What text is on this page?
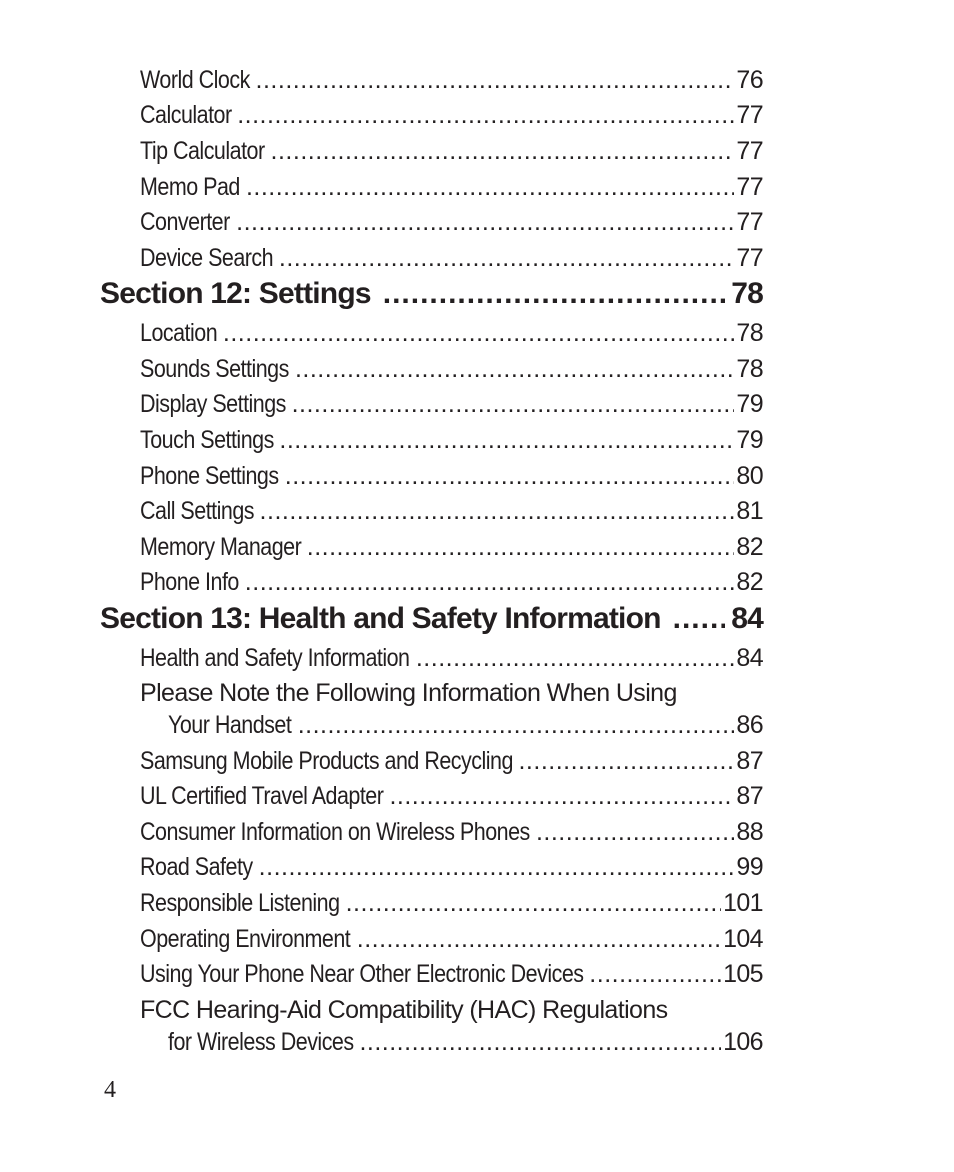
World Clock .....	76
Calculator .....	77
Tip Calculator .....	77
Memo Pad .....	77
Converter .....	77
Device Search .....	77
Section 12: Settings .....	78
Location .....	78
Sounds Settings .....	78
Display Settings .....	79
Touch Settings .....	79
Phone Settings .....	80
Call Settings .....	81
Memory Manager .....	82
Phone Info .....	82
Section 13: Health and Safety Information ..... 84
Health and Safety Information .....	84
Please Note the Following Information When Using
Your Handset .....	86
Samsung Mobile Products and Recycling .....	87
UL Certified Travel Adapter .....	87
Consumer Information on Wireless Phones .....	88
Road Safety .....	99
Responsible Listening .....	101
Operating Environment .....	104
Using Your Phone Near Other Electronic Devices .....	105
FCC Hearing-Aid Compatibility (HAC) Regulations
for Wireless Devices .....	106
4
